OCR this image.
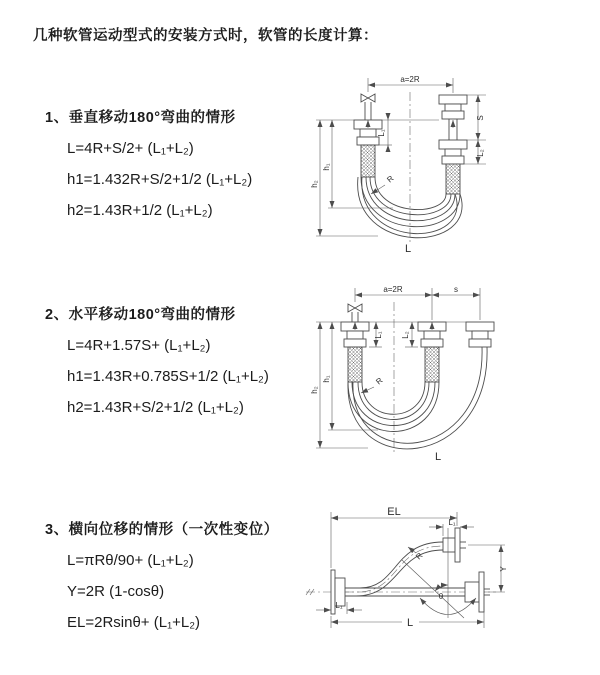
几种软管运动型式的安装方式时，软管的长度计算：
1、垂直移动180°弯曲的情形
L=4R+S/2+ (L₁+L₂)
h1=1.432R+S/2+1/2 (L₁+L₂)
h2=1.43R+1/2 (L₁+L₂)
2、水平移动180°弯曲的情形
L=4R+1.57S+ (L₁+L₂)
h1=1.43R+0.785S+1/2 (L₁+L₂)
h2=1.43R+S/2+1/2 (L₁+L₂)
3、横向位移的情形（一次性变位）
L=πRθ/90+ (L₁+L₂)
Y=2R (1-cosθ)
EL=2Rsinθ+ (L₁+L₂)
a=2R
h₁
h₂
L₁
S
L₂
R
L
a=2R	s
h₁
h₂
L₁ L₂
R
L
EL
L₁
Y
θ
R
L₁
L
